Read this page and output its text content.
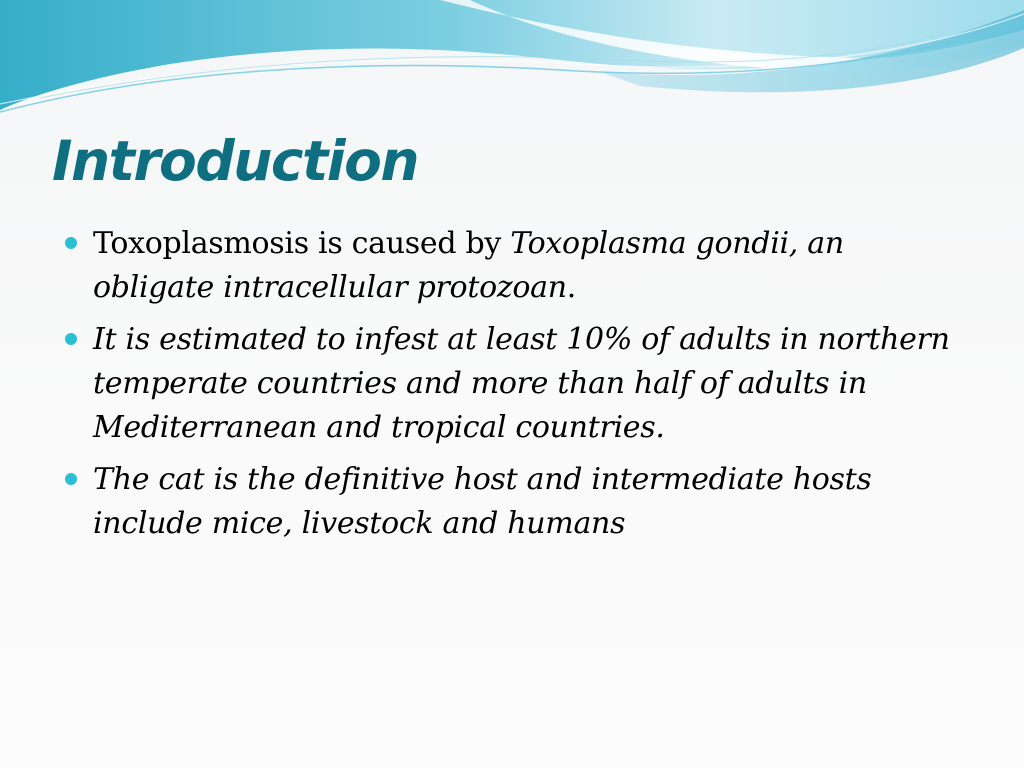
Introduction
Toxoplasmosis is caused by Toxoplasma gondii, an obligate intracellular protozoan.
It is estimated to infest at least 10% of adults in northern temperate countries and more than half of adults in Mediterranean and tropical countries.
The cat is the definitive host and intermediate hosts include mice, livestock and humans
